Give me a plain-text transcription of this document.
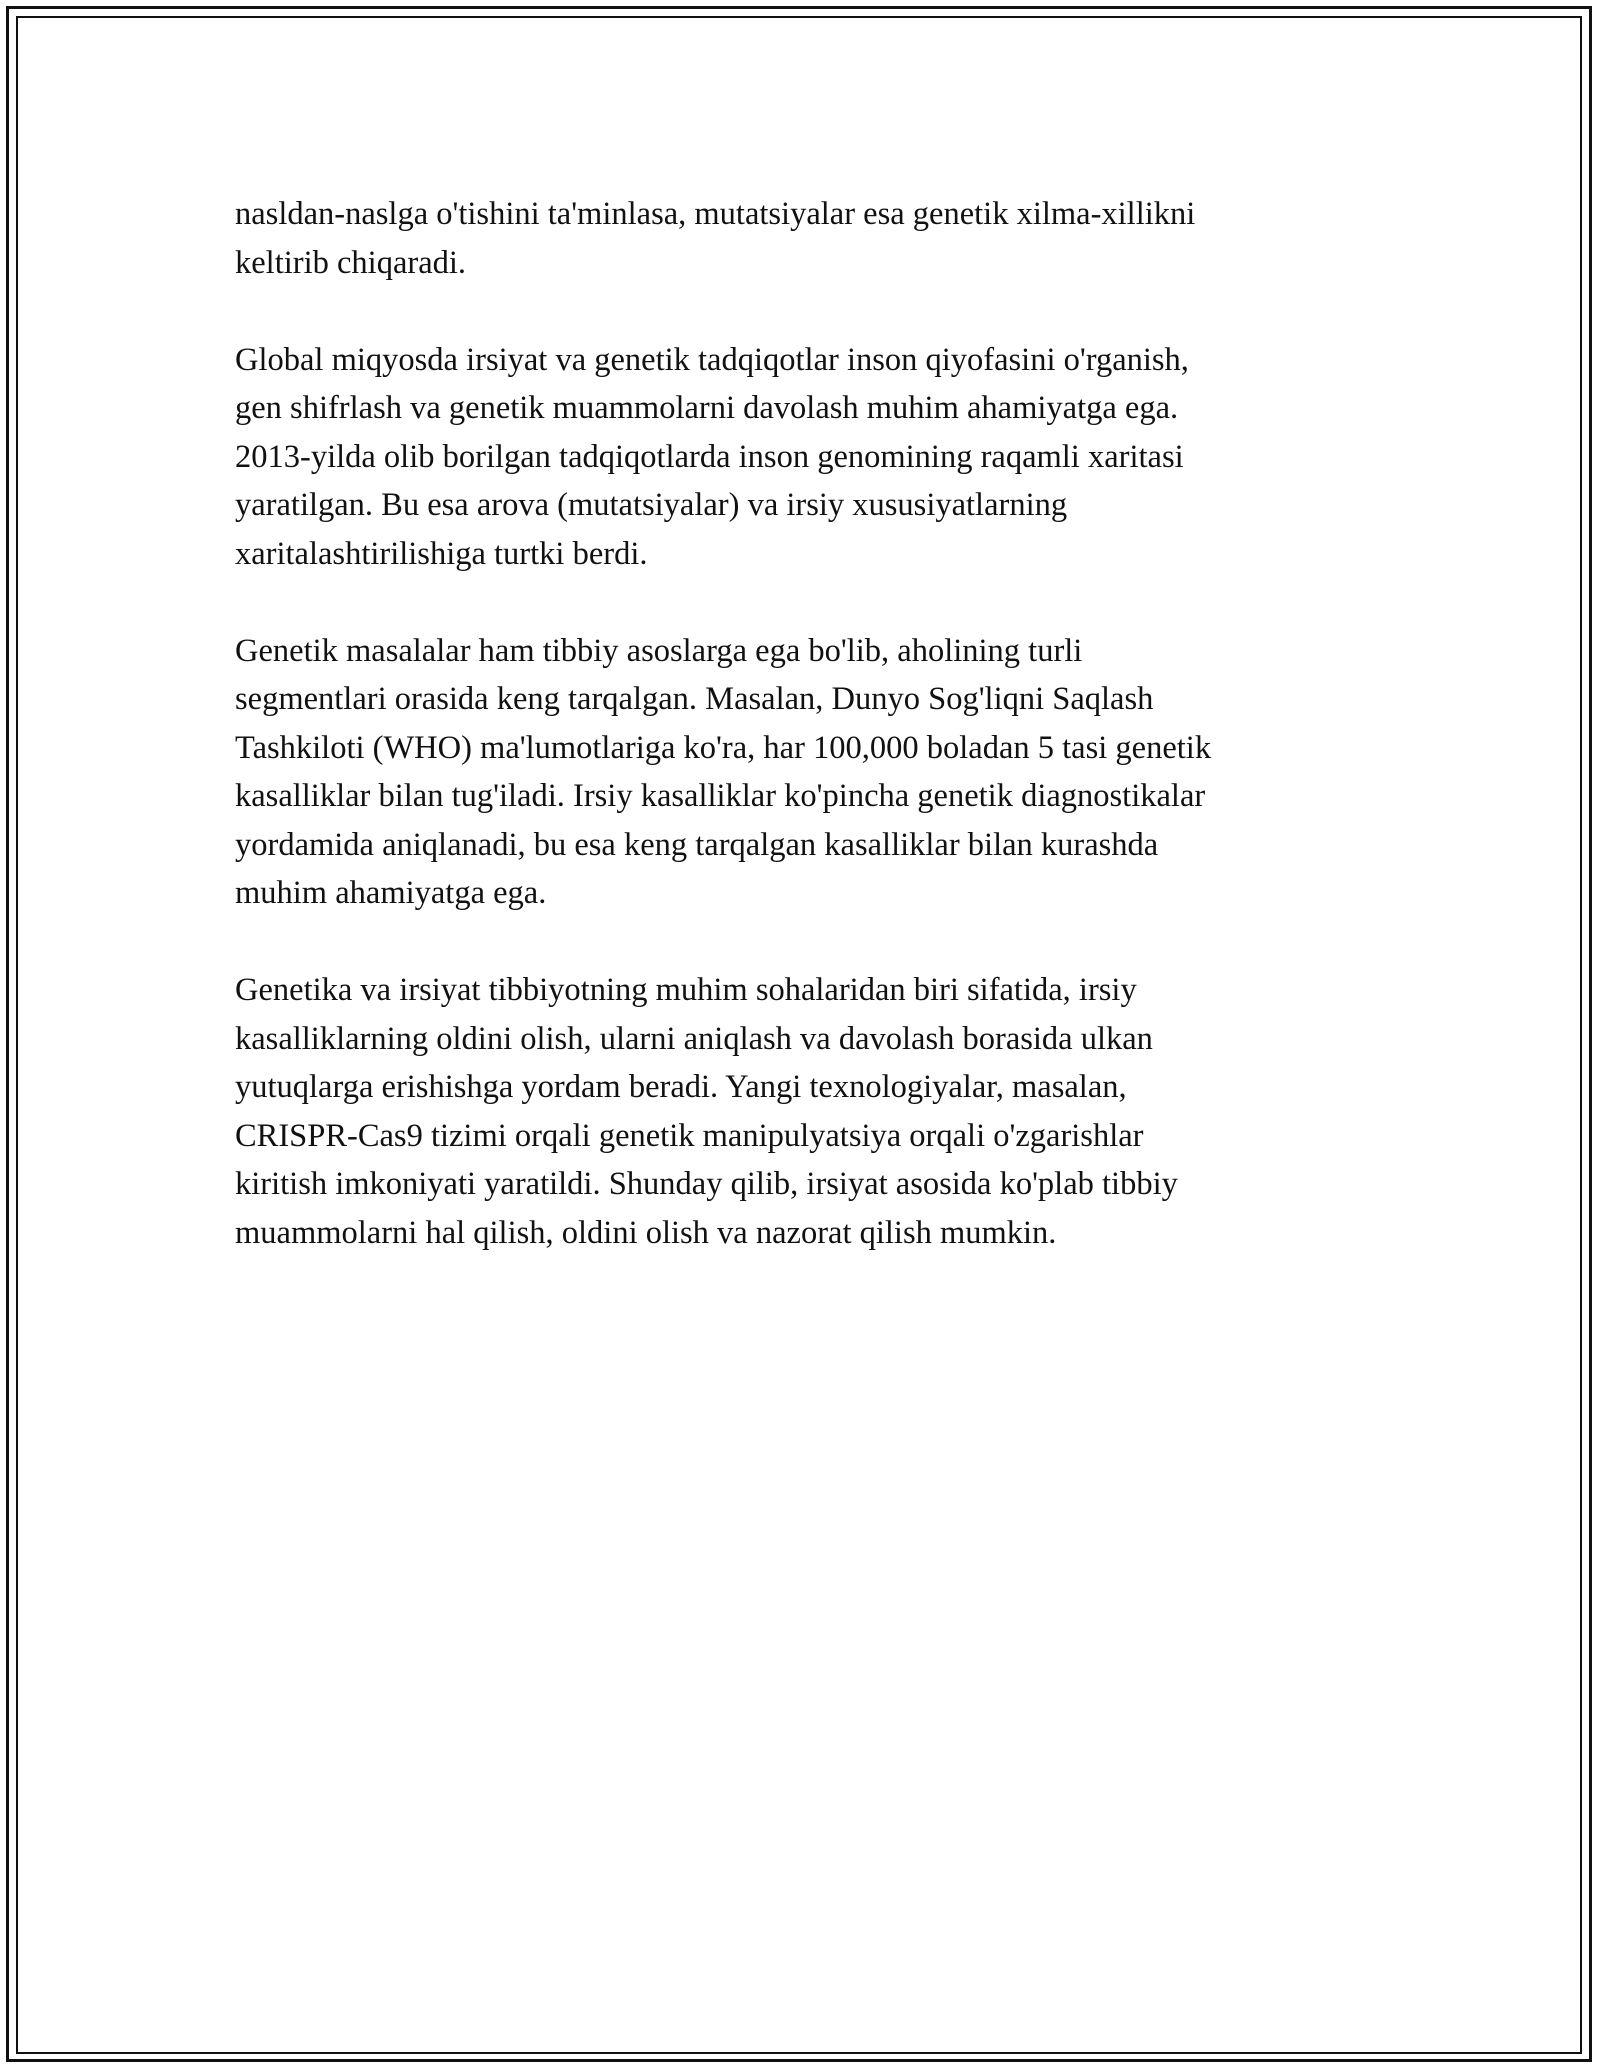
nasldan-naslga o'tishini ta'minlasa, mutatsiyalar esa genetik xilma-xillikni
keltirib chiqaradi.

Global miqyosda irsiyat va genetik tadqiqotlar inson qiyofasini o'rganish,
gen shifrlash va genetik muammolarni davolash muhim ahamiyatga ega.
2013-yilda olib borilgan tadqiqotlarda inson genomining raqamli xaritasi
yaratilgan. Bu esa arova (mutatsiyalar) va irsiy xususiyatlarning
xaritalashtirilishiga turtki berdi.

Genetik masalalar ham tibbiy asoslarga ega bo'lib, aholining turli
segmentlari orasida keng tarqalgan. Masalan, Dunyo Sog'liqni Saqlash
Tashkiloti (WHO) ma'lumotlariga ko'ra, har 100,000 boladan 5 tasi genetik
kasalliklar bilan tug'iladi. Irsiy kasalliklar ko'pincha genetik diagnostikalar
yordamida aniqlanadi, bu esa keng tarqalgan kasalliklar bilan kurashda
muhim ahamiyatga ega.

Genetika va irsiyat tibbiyotning muhim sohalaridan biri sifatida, irsiy
kasalliklarning oldini olish, ularni aniqlash va davolash borasida ulkan
yutuqlarga erishishga yordam beradi. Yangi texnologiyalar, masalan,
CRISPR-Cas9 tizimi orqali genetik manipulyatsiya orqali o'zgarishlar
kiritish imkoniyati yaratildi. Shunday qilib, irsiyat asosida ko'plab tibbiy
muammolarni hal qilish, oldini olish va nazorat qilish mumkin.
